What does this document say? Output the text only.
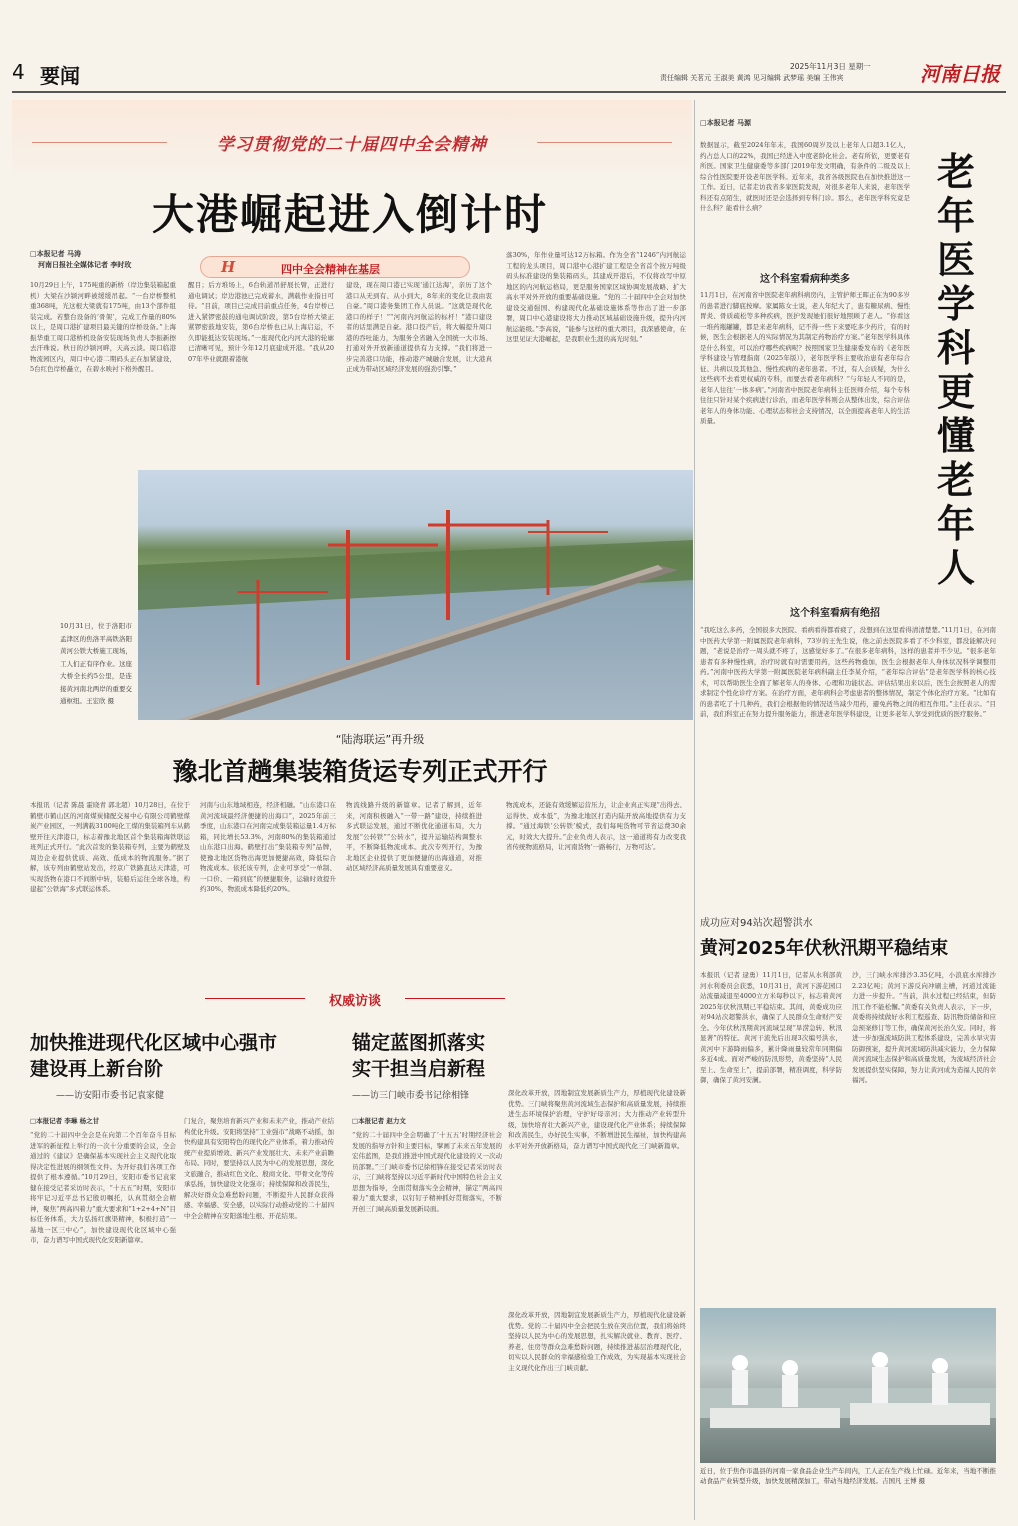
4 要闻	2025年11月3日 星期一
责任编辑 关茗元 王淑美 黄鸿 见习编辑 武梦瑶 美编 王伟宾	河南日报
学习贯彻党的二十届四中全会精神
大港崛起进入倒计时
□本报记者 马涛
河南日报社全媒体记者 李时玫	H	四中全会精神在基层
10月29日上午，175吨重的新桥（岸边集装箱起重机）大梁在沙颍河畔被缓缓吊起。“一台岸桥整机重368吨，光这根大梁就有175吨，由13个部件组装完成。若整台设备的‘骨架’，完成工作量的80%以上，是周口港扩建项目最关键的岸桥设备。”上海振华重工周口港桥机设备安装现场负责人李振新擦去汗珠说。秋日的沙颍河畔，天高云淡。周口临港物流园区内，周口中心港二期码头正在加紧建设，5台红色岸桥矗立，在碧水映衬下格外醒目。
醒目；后方堆场上，6台轨道吊舒展长臂，正进行通电调试；岸边港池已完成蓄水，满载作业指日可待。“目前，项目已完成目前重点任务，4台岸桥已进入紧锣密鼓的通电调试阶段，第5台岸桥大梁正紧锣密鼓地安装，第6台岸桥也已从上海启运，不久即能抵达安装现场。”一座现代化内河大港的轮廓已清晰可见，预计今年12月底建成开港。“我从2007年毕业就跟着港航
建设，现在周口港已实现‘通江达海’，亲历了这个港口从无到有、从小到大，8年来的变化让我由衷自豪。”周口港务集团工作人员说。“这就是现代化港口的样子！”“河南内河航运的标杆！”港口建设者的话里满是自豪。港口投产后，将大幅提升周口港的吞吐能力，为服务全省融入全国统一大市场、打通对外开放新通道提供有力支撑。“我们将进一步完善港口功能，推动港产城融合发展，让大港真正成为带动区域经济发展的强劲引擎。”
落30%，年作业量可达12万标箱。作为全省“1246”内河航运工程的龙头项目，周口港中心港扩建工程是全省首个按万吨级码头标准建设的集装箱码头，其建成开港后，不仅将改写中原地区的内河航运格局，更是服务国家区域协调发展战略、扩大高水平对外开放的重要基础设施。“党的二十届四中全会对加快建设交通强国、构建现代化基础设施体系等作出了进一步部署，周口中心港建设将大力推动区域基础设施升级，提升内河航运能级。”李高说，“能参与这样的重大项目，我深感使命，在这里见证大港崛起，是我职业生涯的高光时刻。”
10月31日，位于洛阳市孟津区的焦洛平高铁洛阳黄河公铁大桥施工现场，工人们正有序作业。这座大桥全长约5公里，是连接黄河南北两岸的重要交通枢纽。王宏欣 摄
“陆海联运”再升级
豫北首趟集装箱货运专列正式开行
本报讯（记者 陈晨 霍晓青 郭北超）10月28日，在位于鹤壁市鹤山区的河南煤炭储配交易中心有限公司鹤壁煤炭产业园区，一列满载3100吨化工煤的集装箱列车从鹤壁开往天津港口，标志着豫北地区首个集装箱海铁联运班列正式开行。“此次首发的集装箱专列，主要为鹤壁及周边企业提供优质、高效、低成本的物流服务。”据了解，该专列由鹤壁站发出，经京广铁路直达天津港，可实现货物在港口不间断中转，装船后运往全球各地，构建起“公铁海”多式联运体系。
河南与山东地域相连，经济相融。“山东港口在黄河流域最经济便捷的出海口”，2025年前三季度，山东港口在河南完成集装箱运量1.4万标箱，同比增长53.3%，河南80%的集装箱通过山东港口出海。鹤壁打出“集装箱专列”品牌，使豫北地区货物出海更加便捷高效，降低综合物流成本。依托该专列，企业可享受“一单制、一口价、一箱到底”的便捷服务，运输时效提升约30%，物流成本降低约20%。
物流线路升级的新篇章。记者了解到，近年来，河南积极融入“一带一路”建设，持续推进多式联运发展，通过不断优化通道布局，大力发展“公转铁”“公转水”，提升运输结构调整水平，不断降低物流成本。此次专列开行，为豫北地区企业提供了更加便捷的出海通道，对推动区域经济高质量发展具有重要意义。
物流成本，还能有效缓解运营压力，让企业真正实现“出得去、运得快、成本低”，为豫北地区打造内陆开放高地提供有力支撑。“通过海铁‘公转铁’模式，我们每吨货物可节省运费30余元，时效大大提升。”企业负责人表示，这一通道将有力改变我省传统物流格局，让河南货物‘一路畅行，万物可达’。
权威访谈
加快推进现代化区域中心强市
建设再上新台阶
——访安阳市委书记袁家健
□本报记者 李琳 杨之甘
“党的二十届四中全会是在向第二个百年奋斗目标进军的新征程上举行的一次十分重要的会议，全会通过的《建议》是确保基本实现社会主义现代化取得决定性进展的纲领性文件。为开好我们各项工作提供了根本遵循。”10月29日，安阳市委书记袁家健在接受记者采访时表示，“十五五”时期，安阳市将牢记习近平总书记殷切嘱托，认真贯彻全会精神，聚焦“两高四着力”重大要求和“1+2+4+N”目标任务体系，大力弘扬红旗渠精神，积极打造“一基地一区三中心”，加快建设现代化区域中心强市，奋力谱写中国式现代化安阳新篇章。
门复合，聚焦培育新兴产业和未来产业，推动产业结构优化升级。安阳将坚持“工业强市”战略不动摇，加快构建具有安阳特色的现代化产业体系，着力推动传统产业提质增效、新兴产业发展壮大、未来产业前瞻布局。同时，要坚持以人民为中心的发展思想，深化文旅融合，推动红色文化、殷商文化、甲骨文化等传承弘扬，加快建设文化强市；持续保障和改善民生，解决好群众急难愁盼问题，不断提升人民群众获得感、幸福感、安全感，以实际行动推动党的二十届四中全会精神在安阳落地生根、开花结果。
锚定蓝图抓落实
实干担当启新程
——访三门峡市委书记徐相锋
□本报记者 赵力文
“党的二十届四中全会明确了‘十五五’时期经济社会发展的指导方针和主要目标，擘画了未来五年发展的宏伟蓝图，是我们推进中国式现代化建设的又一次动员部署。”三门峡市委书记徐相锋在接受记者采访时表示，三门峡将坚持以习近平新时代中国特色社会主义思想为指导，全面贯彻落实全会精神，锚定“两高四着力”重大要求，以钉钉子精神抓好贯彻落实，不断开创三门峡高质量发展新局面。
深化改革开放，因地制宜发展新质生产力，厚植现代化建设新优势。三门峡将聚焦黄河流域生态保护和高质量发展，持续推进生态环境保护治理，守护好母亲河；大力推动产业转型升级，加快培育壮大新兴产业，建设现代化产业体系；持续保障和改善民生，办好民生实事，不断增进民生福祉，加快构建高水平对外开放新格局，奋力谱写中国式现代化三门峡新篇章。
深化改革开放，因地制宜发展新质生产力，厚植现代化建设新优势。党的二十届四中全会把民生放在突出位置，我们将始终坚持以人民为中心的发展思想，扎实解决就业、教育、医疗、养老、住房等群众急难愁盼问题，持续推进基层治理现代化，切实以人民群众的幸福感检验工作成效，为实现基本实现社会主义现代化作出三门峡贡献。
□本报记者 马源
老年医学科更懂老年人
数据显示，截至2024年年末，我国60周岁及以上老年人口超3.1亿人，约占总人口的22%，我国已经进入中度老龄化社会。老有所依，更要老有所医。国家卫生健康委等多部门2019年发文明确，有条件的二级及以上综合性医院要开设老年医学科。近年来，我省各级医院也在加快推进这一工作。近日，记者走访我省多家医院发现，对很多老年人来说，老年医学科还有点陌生，就医时还是会选择到专科门诊。那么，老年医学科究竟是什么科？能看什么病？
这个科室看病种类多
11月1日，在河南省中医院老年病科病房内，主管护师王晖正在为90多岁的患者进行脚底按摩。家属陈女士说，老人年纪大了，患有糖尿病、慢性胃炎、骨质疏松等多种疾病，医护发现她们很好地照顾了老人。“你看这一堆药瓶罐罐，都是来老年病科，记不得一些下来要吃多少药片，有的时候，医生会根据老人的实际情况为其制定药物治疗方案。”老年医学科具体是什么科室，可以治疗哪些疾病呢？按照国家卫生健康委发布的《老年医学科建设与管理指南（2025年版）》，老年医学科主要收治患有老年综合征、共病以及其他急、慢性疾病的老年患者。不过，有人会质疑，为什么这些病不去看更权威的专科，而要去看老年病科？“与年轻人不同的是，老年人往往‘一体多病’。”河南省中医院老年病科主任医师介绍，每个专科往往只针对某个疾病进行诊治，而老年医学科则会从整体出发，综合评估老年人的身体功能、心理状态和社会支持情况，以全面提高老年人的生活质量。
这个科室看病有绝招
“我吃这么多药，全国很多大医院、看病看得都看疲了，没想到在这里看得清清楚楚。”11月1日，在河南中医药大学第一附属医院老年病科，73岁的王先生说，他之前去医院多看了不少科室，都没能解决问题，“老说是治疗一周头就不疼了，这感觉好多了。”在很多老年病科，这样的患者并不少见。“很多老年患者有多种慢性病，治疗时就有时需要用药，这些药物叠加，医生会根据老年人身体状况科学调整用药。”河南中医药大学第一附属医院老年病科副主任李某介绍，“老年综合评估”是老年医学科的核心技术，可以帮助医生全面了解老年人的身体、心理和功能状态。评估结果出来以后，医生会按照老人的需求制定个性化诊疗方案。在治疗方面，老年病科会考虑患者的整体情况，制定个体化治疗方案。“比如有的患者吃了十几种药，我们会根据他的情况适当减少用药，避免药物之间的相互作用。”主任表示。“目前，我们科室正在努力提升服务能力，推进老年医学科建设，让更多老年人享受到优质的医疗服务。”
成功应对94站次超警洪水
黄河2025年伏秋汛期平稳结束
本报讯（记者 逯勇）11月1日，记者从水利部黄河水利委员会获悉，10月31日，黄河下游花园口站流量减退至4000立方米每秒以下，标志着黄河2025年伏秋汛期已平稳结束。其间，黄委成功应对94站次超警洪水，确保了人民群众生命财产安全。今年伏秋汛期黄河流域呈现“旱涝急转、秋汛显著”的特征。黄河干流先后出现3次编号洪水，黄河中下游降雨偏多，累计降雨量较常年同期偏多近4成。面对严峻的防汛形势，黄委坚持“人民至上、生命至上”，提前部署，精准调度，科学防御，确保了黄河安澜。
沙，三门峡水库排沙3.35亿吨，小浪底水库排沙2.23亿吨；黄河下游反向冲刷主槽，河道过流能力进一步提升。“当前，洪水过程已经结束，但防汛工作不能松懈。”黄委有关负责人表示，下一步，黄委将持续做好水利工程巡查、防汛物资储备和应急预案修订等工作，确保黄河长治久安。同时，将进一步加强流域防洪工程体系建设，完善水旱灾害防御预案，提升黄河流域防洪减灾能力，全力保障黄河流域生态保护和高质量发展，为流域经济社会发展提供坚实保障，努力让黄河成为造福人民的幸福河。
近日，位于焦作市温县的河南一家食品企业生产车间内，工人正在生产线上忙碌。近年来，当地不断推动食品产业转型升级，加快发展精深加工，带动当地经济发展。吉国凡 王博 摄
